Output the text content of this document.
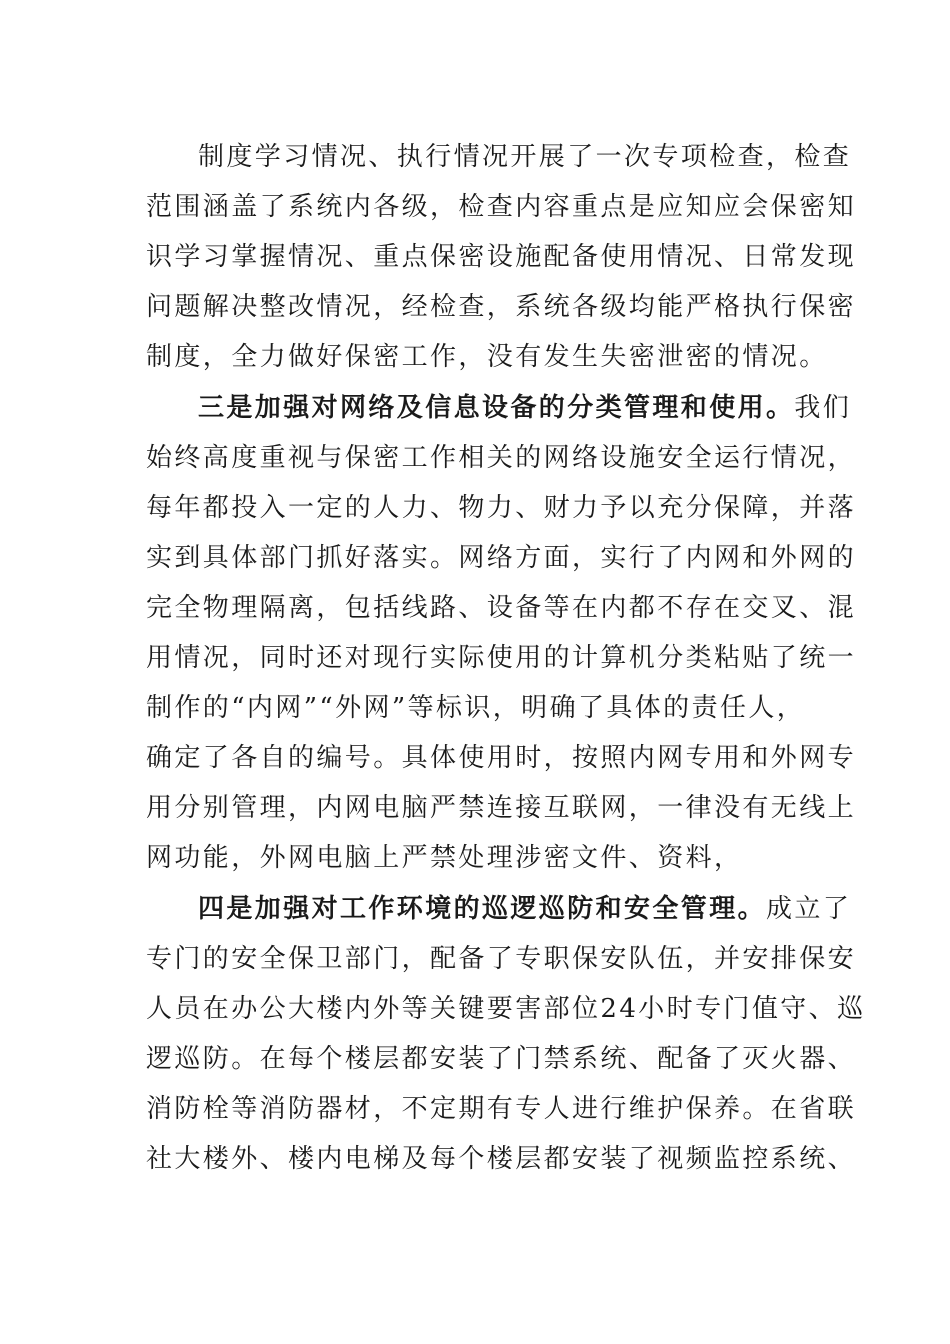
制度学习情况、执行情况开展了一次专项检查，检查
范围涵盖了系统内各级，检查内容重点是应知应会保密知
识学习掌握情况、重点保密设施配备使用情况、日常发现
问题解决整改情况，经检查，系统各级均能严格执行保密
制度，全力做好保密工作，没有发生失密泄密的情况。
三是加强对网络及信息设备的分类管理和使用。我们
始终高度重视与保密工作相关的网络设施安全运行情况，
每年都投入一定的人力、物力、财力予以充分保障，并落
实到具体部门抓好落实。网络方面，实行了内网和外网的
完全物理隔离，包括线路、设备等在内都不存在交叉、混
用情况，同时还对现行实际使用的计算机分类粘贴了统一
制作的“内网”“外网”等标识，明确了具体的责任人，
确定了各自的编号。具体使用时，按照内网专用和外网专
用分别管理，内网电脑严禁连接互联网，一律没有无线上
网功能，外网电脑上严禁处理涉密文件、资料，
四是加强对工作环境的巡逻巡防和安全管理。成立了
专门的安全保卫部门，配备了专职保安队伍，并安排保安
人员在办公大楼内外等关键要害部位24小时专门值守、巡
逻巡防。在每个楼层都安装了门禁系统、配备了灭火器、
消防栓等消防器材，不定期有专人进行维护保养。在省联
社大楼外、楼内电梯及每个楼层都安装了视频监控系统、
